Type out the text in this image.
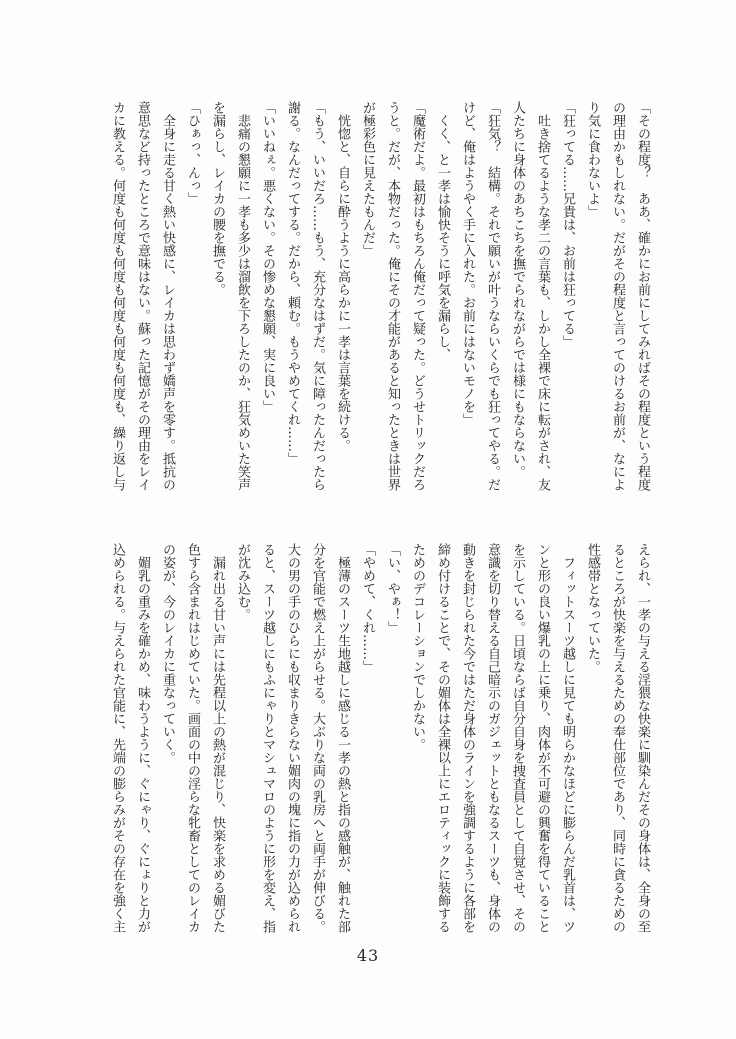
「その程度？　ああ、確かにお前にしてみればその程度という程度
の理由かもしれない。だがその程度と言ってのけるお前が、なによ
り気に食わないよ」
「狂ってる……兄貴は、お前は狂ってる」
　吐き捨てるような孝二の言葉も、しかし全裸で床に転がされ、友
人たちに身体のあちこちを撫でられながらでは様にもならない。
「狂気？　結構。それで願いが叶うならいくらでも狂ってやる。だ
けど、俺はようやく手に入れた。お前にはないモノを」
　くく、と一孝は愉快そうに呼気を漏らし、
「魔術だよ。最初はもちろん俺だって疑った。どうせトリックだろ
うと。だが、本物だった。俺にその才能があると知ったときは世界
が極彩色に見えたもんだ」
　恍惚と、自らに酔うように高らかに一孝は言葉を続ける。
「もう、いいだろ……もう、充分なはずだ。気に障ったんだったら
謝る。なんだってする。だから、頼む。もうやめてくれ……」
「いいねぇ。悪くない。その惨めな懇願、実に良い」
　悲痛の懇願に一孝も多少は溜飲を下ろしたのか、狂気めいた笑声
を漏らし、レイカの腰を撫でる。
「ひぁっ、んっ」
　全身に走る甘く熱い快感に、レイカは思わず嬌声を零す。抵抗の
意思など持ったところで意味はない。蘇った記憶がその理由をレイ
カに教える。何度も何度も何度も何度も何度も何度も、繰り返し与
えられ、一孝の与える淫猥な快楽に馴染んだその身体は、全身の至
るところが快楽を与えるための奉仕部位であり、同時に貪るための
性感帯となっていた。
　フィットスーツ越しに見ても明らかなほどに膨らんだ乳首は、ツ
ンと形の良い爆乳の上に乗り、肉体が不可避の興奮を得ていること
を示している。日頃ならば自分自身を捜査員として自覚させ、その
意識を切り替える自己暗示のガジェットともなるスーツも、身体の
動きを封じられた今ではただ身体のラインを強調するように各部を
締め付けることで、その媚体は全裸以上にエロティックに装飾する
ためのデコレーションでしかない。
「い、やぁ！」
「やめて、くれ……」
　極薄のスーツ生地越しに感じる一孝の熱と指の感触が、触れた部
分を官能で燃え上がらせる。大ぶりな両の乳房へと両手が伸びる。
大の男の手のひらにも収まりきらない媚肉の塊に指の力が込められ
ると、スーツ越しにもふにゃりとマシュマロのように形を変え、指
が沈み込む。
　漏れ出る甘い声には先程以上の熱が混じり、快楽を求める媚びた
色すら含まれはじめていた。画面の中の淫らな牝畜としてのレイカ
の姿が、今のレイカに重なっていく。
　媚乳の重みを確かめ、味わうように、ぐにゃり、ぐにょりと力が
込められる。与えられた官能に、先端の膨らみがその存在を強く主
43
